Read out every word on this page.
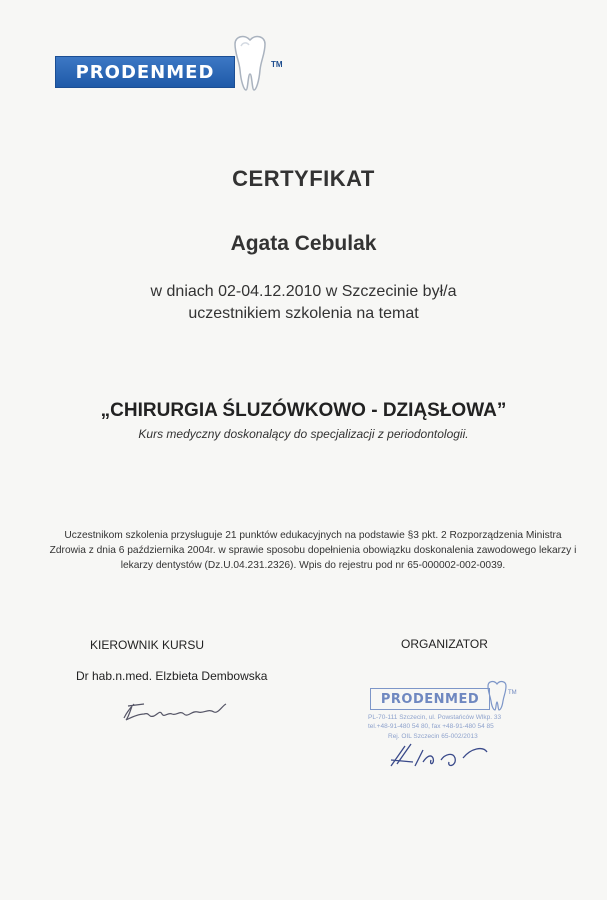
PRODENMED	TM
CERTYFIKAT
Agata Cebulak
w dniach 02-04.12.2010 w Szczecinie był/a
uczestnikiem szkolenia na temat
„CHIRURGIA ŚLUZÓWKOWO - DZIĄSŁOWA”
Kurs medyczny doskonalący do specjalizacji z periodontologii.
Uczestnikom szkolenia przysługuje 21 punktów edukacyjnych na podstawie §3 pkt. 2 Rozporządzenia Ministra Zdrowia z dnia 6 października 2004r. w sprawie sposobu dopełnienia obowiązku doskonalenia zawodowego lekarzy i lekarzy dentystów (Dz.U.04.231.2326). Wpis do rejestru pod nr 65-000002-002-0039.
KIEROWNIK KURSU	ORGANIZATOR
Dr hab.n.med. Elzbieta Dembowska
PRODENMED	TM
PL-70-111 Szczecin, ul. Powstańców Wlkp. 33
tel.+48-91-480 54 80, fax +48-91-480 54 85
Rej. OIL Szczecin 65-002/2013
